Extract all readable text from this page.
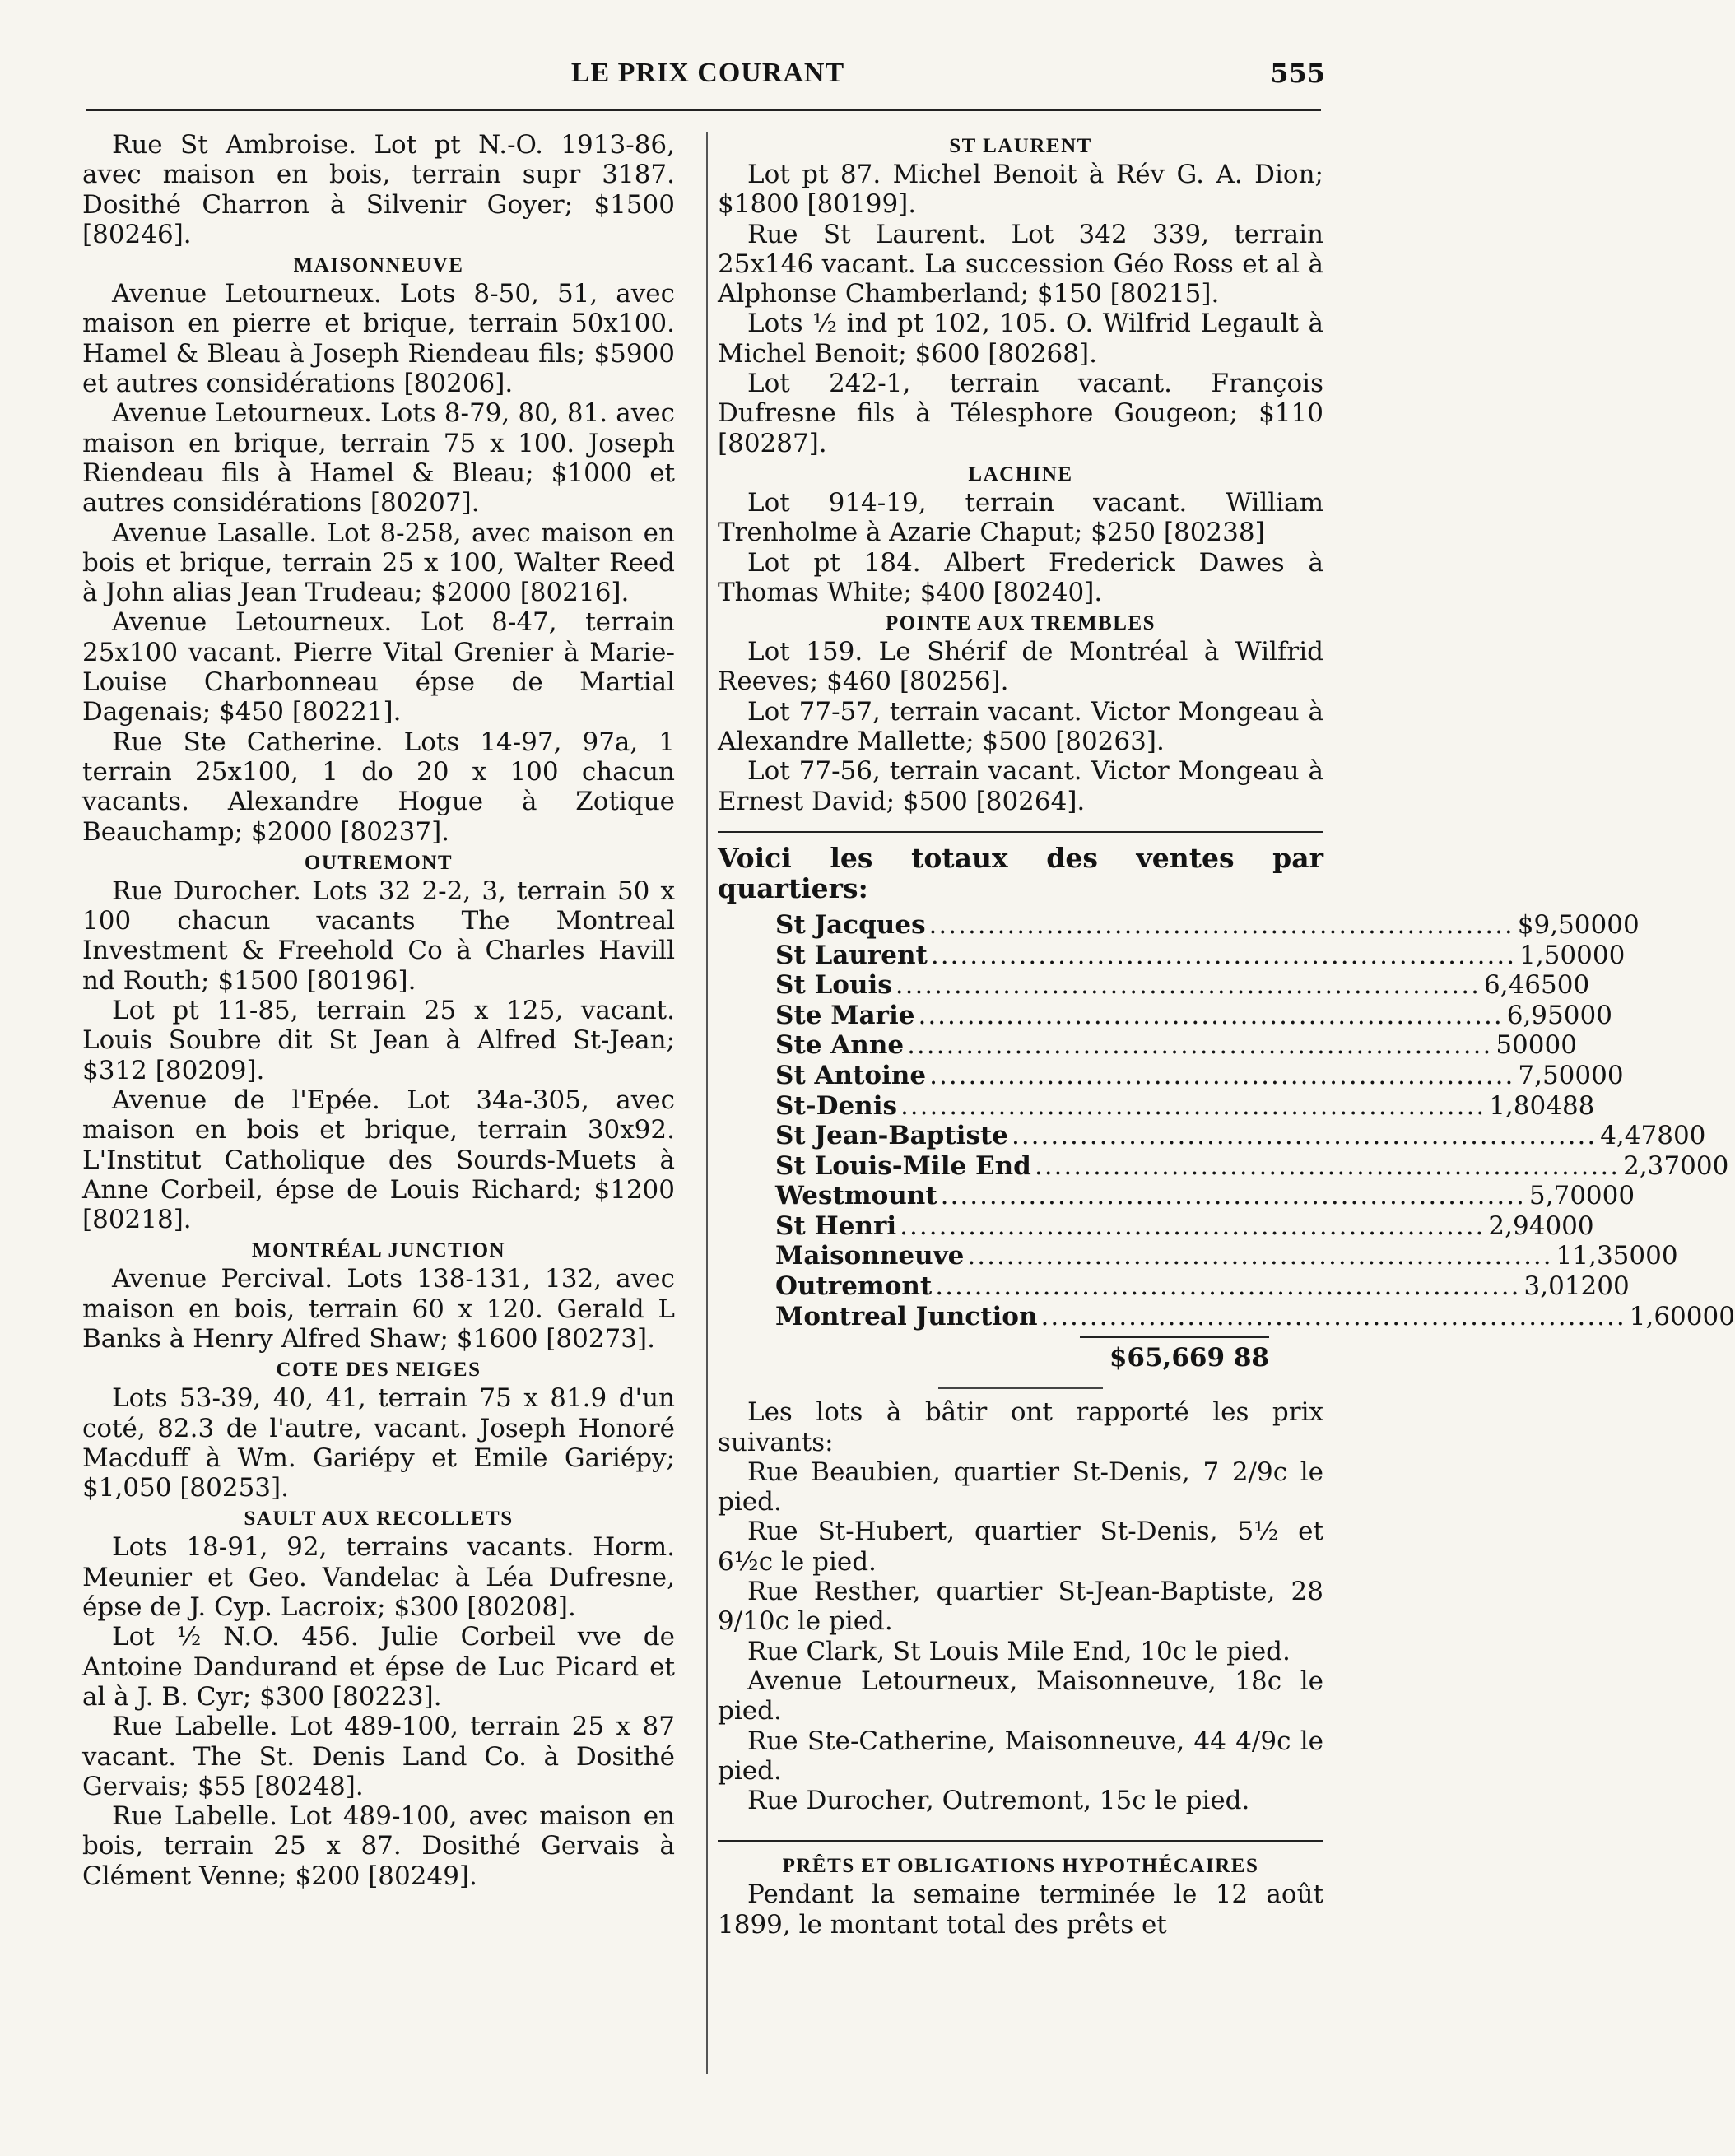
LE PRIX COURANT	555

Rue St Ambroise. Lot pt N.-O. 1913-86, avec maison en bois, terrain supr 3187. Dosithé Charron à Silvenir Goyer; $1500 [80246].

MAISONNEUVE

Avenue Letourneux. Lots 8-50, 51, avec maison en pierre et brique, terrain 50x100. Hamel & Bleau à Joseph Riendeau fils; $5900 et autres considérations [80206].

Avenue Letourneux. Lots 8-79, 80, 81. avec maison en brique, terrain 75 x 100. Joseph Riendeau fils à Hamel & Bleau; $1000 et autres considérations [80207].

Avenue Lasalle. Lot 8-258, avec maison en bois et brique, terrain 25 x 100, Walter Reed à John alias Jean Trudeau; $2000 [80216].

Avenue Letourneux. Lot 8-47, terrain 25x100 vacant. Pierre Vital Grenier à Marie-Louise Charbonneau épse de Martial Dagenais; $450 [80221].

Rue Ste Catherine. Lots 14-97, 97a, 1 terrain 25x100, 1 do 20 x 100 chacun vacants. Alexandre Hogue à Zotique Beauchamp; $2000 [80237].

OUTREMONT

Rue Durocher. Lots 32 2-2, 3, terrain 50 x 100 chacun vacants The Montreal Investment & Freehold Co à Charles Havill nd Routh; $1500 [80196].

Lot pt 11-85, terrain 25 x 125, vacant. Louis Soubre dit St Jean à Alfred St-Jean; $312 [80209].

Avenue de l'Epée. Lot 34a-305, avec maison en bois et brique, terrain 30x92. L'Institut Catholique des Sourds-Muets à Anne Corbeil, épse de Louis Richard; $1200 [80218].

MONTRÉAL JUNCTION

Avenue Percival. Lots 138-131, 132, avec maison en bois, terrain 60 x 120. Gerald L Banks à Henry Alfred Shaw; $1600 [80273].

COTE DES NEIGES

Lots 53-39, 40, 41, terrain 75 x 81.9 d'un coté, 82.3 de l'autre, vacant. Joseph Honoré Macduff à Wm. Gariépy et Emile Gariépy; $1,050 [80253].

SAULT AUX RECOLLETS

Lots 18-91, 92, terrains vacants. Horm. Meunier et Geo. Vandelac à Léa Dufresne, épse de J. Cyp. Lacroix; $300 [80208].

Lot ½ N.O. 456. Julie Corbeil vve de Antoine Dandurand et épse de Luc Picard et al à J. B. Cyr; $300 [80223].

Rue Labelle. Lot 489-100, terrain 25 x 87 vacant. The St. Denis Land Co. à Dosithé Gervais; $55 [80248].

Rue Labelle. Lot 489-100, avec maison en bois, terrain 25 x 87. Dosithé Gervais à Clément Venne; $200 [80249].

ST LAURENT

Lot pt 87. Michel Benoit à Rév G. A. Dion; $1800 [80199].

Rue St Laurent. Lot 342 339, terrain 25x146 vacant. La succession Géo Ross et al à Alphonse Chamberland; $150 [80215].

Lots ½ ind pt 102, 105. O. Wilfrid Legault à Michel Benoit; $600 [80268].

Lot 242-1, terrain vacant. François Dufresne fils à Télesphore Gougeon; $110 [80287].

LACHINE

Lot 914-19, terrain vacant. William Trenholme à Azarie Chaput; $250 [80238]

Lot pt 184. Albert Frederick Dawes à Thomas White; $400 [80240].

POINTE AUX TREMBLES

Lot 159. Le Shérif de Montréal à Wilfrid Reeves; $460 [80256].

Lot 77-57, terrain vacant. Victor Mongeau à Alexandre Mallette; $500 [80263].

Lot 77-56, terrain vacant. Victor Mongeau à Ernest David; $500 [80264].

Voici les totaux des ventes par quartiers:
St Jacques ............................................................ $9,500 00
St Laurent ............................................................ 1,500 00
St Louis ............................................................ 6,465 00
Ste Marie ............................................................ 6,950 00
Ste Anne ............................................................ 500 00
St Antoine ............................................................ 7,500 00
St-Denis ............................................................ 1,804 88
St Jean-Baptiste ............................................................ 4,478 00
St Louis-Mile End ............................................................ 2,370 00
Westmount ............................................................ 5,700 00
St Henri ............................................................ 2,940 00
Maisonneuve ............................................................ 11,350 00
Outremont ............................................................ 3,012 00
Montreal Junction ............................................................ 1,600 00
$65,669 88

Les lots à bâtir ont rapporté les prix suivants:

Rue Beaubien, quartier St-Denis, 7 2/9c le pied.

Rue St-Hubert, quartier St-Denis, 5½ et 6½c le pied.

Rue Resther, quartier St-Jean-Baptiste, 28 9/10c le pied.

Rue Clark, St Louis Mile End, 10c le pied.

Avenue Letourneux, Maisonneuve, 18c le pied.

Rue Ste-Catherine, Maisonneuve, 44 4/9c le pied.

Rue Durocher, Outremont, 15c le pied.

PRÊTS ET OBLIGATIONS HYPOTHÉCAIRES

Pendant la semaine terminée le 12 août 1899, le montant total des prêts et
